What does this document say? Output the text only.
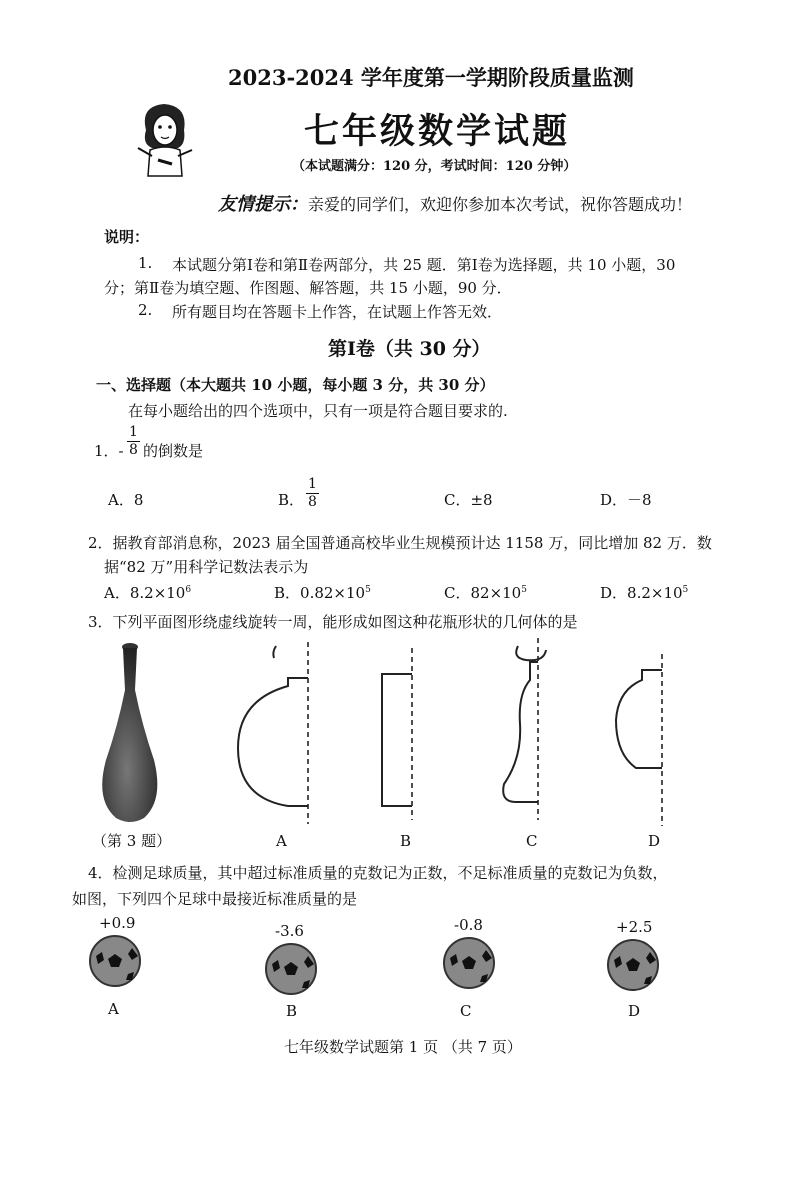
2023-2024 学年度第一学期阶段质量监测
七年级数学试题
（本试题满分：120 分，考试时间：120 分钟）
友情提示：亲爱的同学们，欢迎你参加本次考试，祝你答题成功！
说明：
1. 本试题分第Ⅰ卷和第Ⅱ卷两部分，共 25 题．第Ⅰ卷为选择题，共 10 小题，30
分；第Ⅱ卷为填空题、作图题、解答题，共 15 小题，90 分．
2. 所有题目均在答题卡上作答，在试题上作答无效．
第Ⅰ卷（共 30 分）
一、选择题（本大题共 10 小题，每小题 3 分，共 30 分）
在每小题给出的四个选项中，只有一项是符合题目要求的.
1．- $\frac{1}{8}$ 的倒数是
A．8	B． $\frac{1}{8}$	C．±8	D．－8
2．据教育部消息称，2023 届全国普通高校毕业生规模预计达 1158 万，同比增加 82 万．数
据“82 万”用科学记数法表示为
A．$8.2\times 10^6$	B．$0.82\times 10^5$	C．$82\times 10^5$	D．$8.2\times 10^5$
3．下列平面图形绕虚线旋转一周，能形成如图这种花瓶形状的几何体的是
（第 3 题）	A	B	C	D
4．检测足球质量，其中超过标准质量的克数记为正数，不足标准质量的克数记为负数，
如图，下列四个足球中最接近标准质量的是
+0.9
A
-3.6
B
-0.8
C
+2.5
D
七年级数学试题第 1 页 （共 7 页）
